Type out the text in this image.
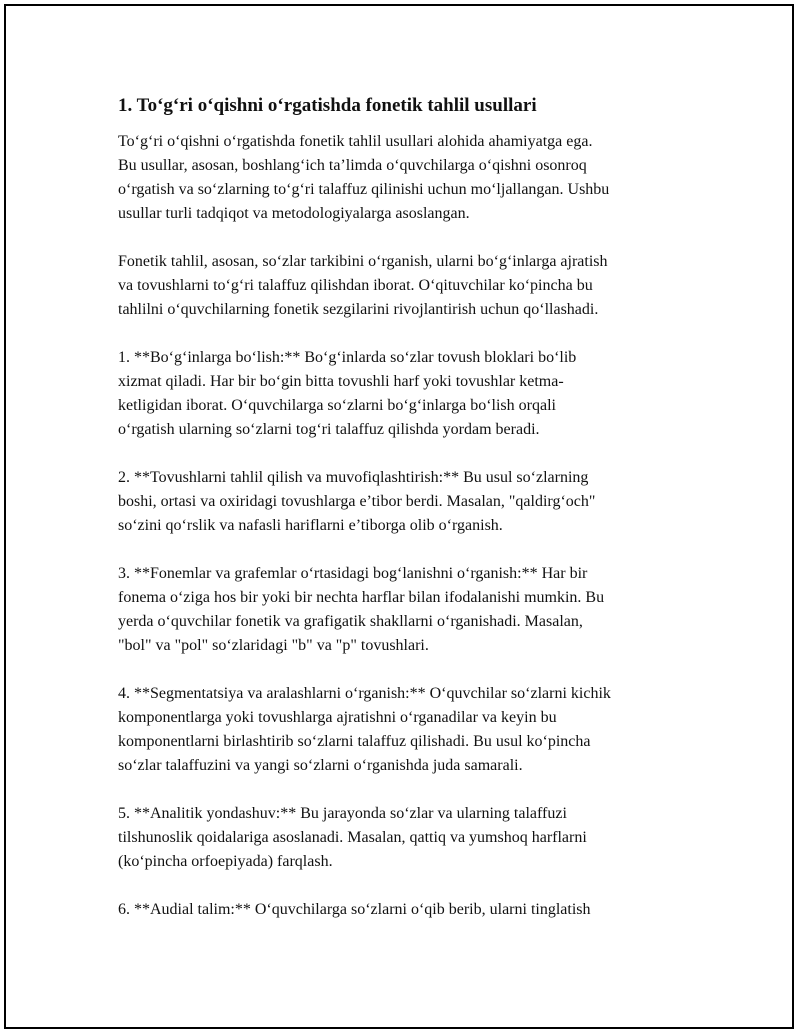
1. To‘g‘ri o‘qishni o‘rgatishda fonetik tahlil usullari

To‘g‘ri o‘qishni o‘rgatishda fonetik tahlil usullari alohida ahamiyatga ega.
Bu usullar, asosan, boshlang‘ich ta’limda o‘quvchilarga o‘qishni osonroq
o‘rgatish va so‘zlarning to‘g‘ri talaffuz qilinishi uchun mo‘ljallangan. Ushbu
usullar turli tadqiqot va metodologiyalarga asoslangan.

Fonetik tahlil, asosan, so‘zlar tarkibini o‘rganish, ularni bo‘g‘inlarga ajratish
va tovushlarni to‘g‘ri talaffuz qilishdan iborat. O‘qituvchilar ko‘pincha bu
tahlilni o‘quvchilarning fonetik sezgilarini rivojlantirish uchun qo‘llashadi.

1. **Bo‘g‘inlarga bo‘lish:** Bo‘g‘inlarda so‘zlar tovush bloklari bo‘lib
xizmat qiladi. Har bir bo‘gin bitta tovushli harf yoki tovushlar ketma-
ketligidan iborat. O‘quvchilarga so‘zlarni bo‘g‘inlarga bo‘lish orqali
o‘rgatish ularning so‘zlarni tog‘ri talaffuz qilishda yordam beradi.

2. **Tovushlarni tahlil qilish va muvofiqlashtirish:** Bu usul so‘zlarning
boshi, ortasi va oxiridagi tovushlarga e’tibor berdi. Masalan, "qaldirg‘och"
so‘zini qo‘rslik va nafasli hariflarni e’tiborga olib o‘rganish.

3. **Fonemlar va grafemlar o‘rtasidagi bog‘lanishni o‘rganish:** Har bir
fonema o‘ziga hos bir yoki bir nechta harflar bilan ifodalanishi mumkin. Bu
yerda o‘quvchilar fonetik va grafigatik shakllarni o‘rganishadi. Masalan,
"bol" va "pol" so‘zlaridagi "b" va "p" tovushlari.

4. **Segmentatsiya va aralashlarni o‘rganish:** O‘quvchilar so‘zlarni kichik
komponentlarga yoki tovushlarga ajratishni o‘rganadilar va keyin bu
komponentlarni birlashtirib so‘zlarni talaffuz qilishadi. Bu usul ko‘pincha
so‘zlar talaffuzini va yangi so‘zlarni o‘rganishda juda samarali.

5. **Analitik yondashuv:** Bu jarayonda so‘zlar va ularning talaffuzi
tilshunoslik qoidalariga asoslanadi. Masalan, qattiq va yumshoq harflarni
(ko‘pincha orfoepiyada) farqlash.

6. **Audial talim:** O‘quvchilarga so‘zlarni o‘qib berib, ularni tinglatish
